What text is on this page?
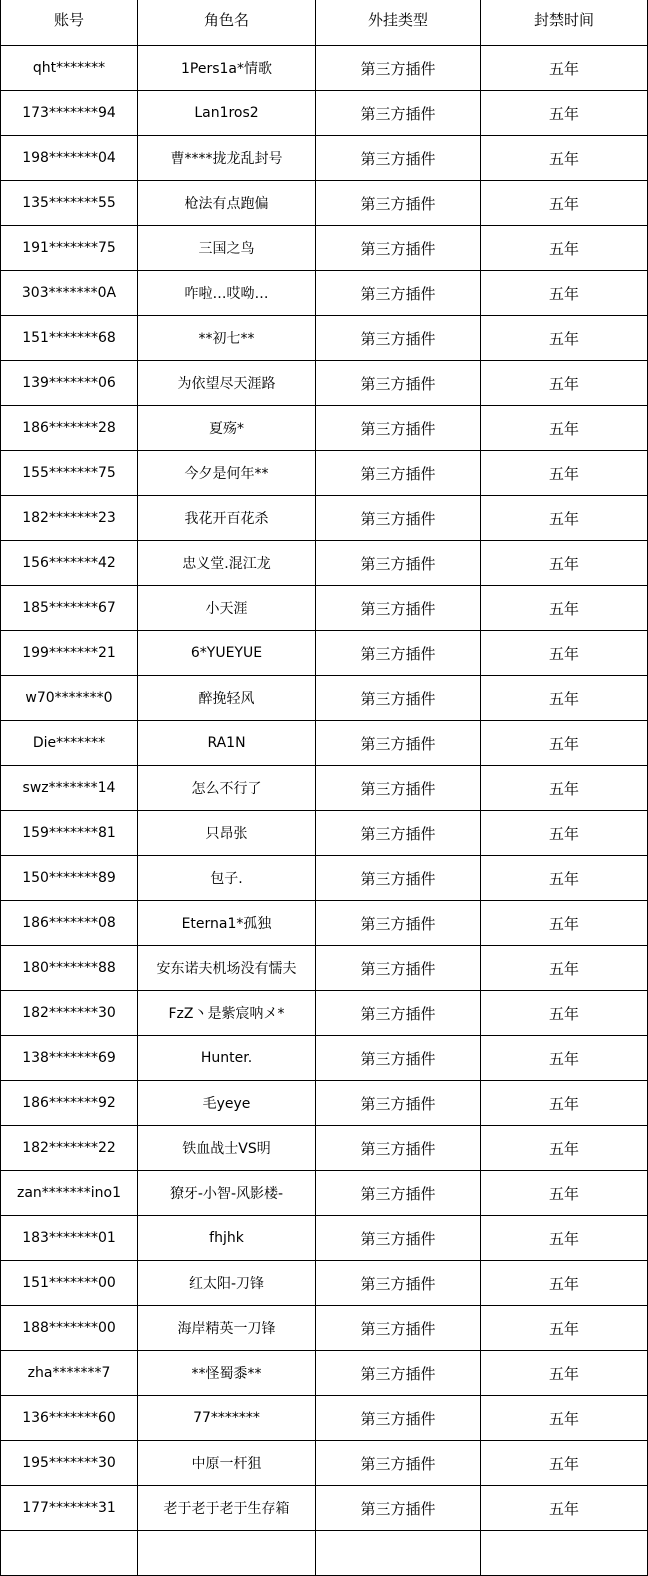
账号	角色名	外挂类型	封禁时间
qht*******	1Pers1a*情歌	第三方插件	五年
173*******94	Lan1ros2	第三方插件	五年
198*******04	曹****拢龙乱封号	第三方插件	五年
135*******55	枪法有点跑偏	第三方插件	五年
191*******75	三国之鸟	第三方插件	五年
303*******0A	咋啦…哎呦…	第三方插件	五年
151*******68	**初七**	第三方插件	五年
139*******06	为依望尽天涯路	第三方插件	五年
186*******28	夏殇*	第三方插件	五年
155*******75	今夕是何年**	第三方插件	五年
182*******23	我花开百花杀	第三方插件	五年
156*******42	忠义堂.混江龙	第三方插件	五年
185*******67	小天涯	第三方插件	五年
199*******21	6*YUEYUE	第三方插件	五年
w70*******0	醉挽轻风	第三方插件	五年
Die*******	RA1N	第三方插件	五年
swz*******14	怎么不行了	第三方插件	五年
159*******81	只昂张	第三方插件	五年
150*******89	包子.	第三方插件	五年
186*******08	Eterna1*孤独	第三方插件	五年
180*******88	安东诺夫机场没有懦夫	第三方插件	五年
182*******30	FzZ丶是紫宸呐メ*	第三方插件	五年
138*******69	Hunter.	第三方插件	五年
186*******92	毛yeye	第三方插件	五年
182*******22	铁血战士VS明	第三方插件	五年
zan*******ino1	獠牙-小智-风影楼-	第三方插件	五年
183*******01	fhjhk	第三方插件	五年
151*******00	红太阳-刀锋	第三方插件	五年
188*******00	海岸精英一刀锋	第三方插件	五年
zha*******7	**怪蜀黍**	第三方插件	五年
136*******60	77*******	第三方插件	五年
195*******30	中原一杆狙	第三方插件	五年
177*******31	老于老于老于生存箱	第三方插件	五年
